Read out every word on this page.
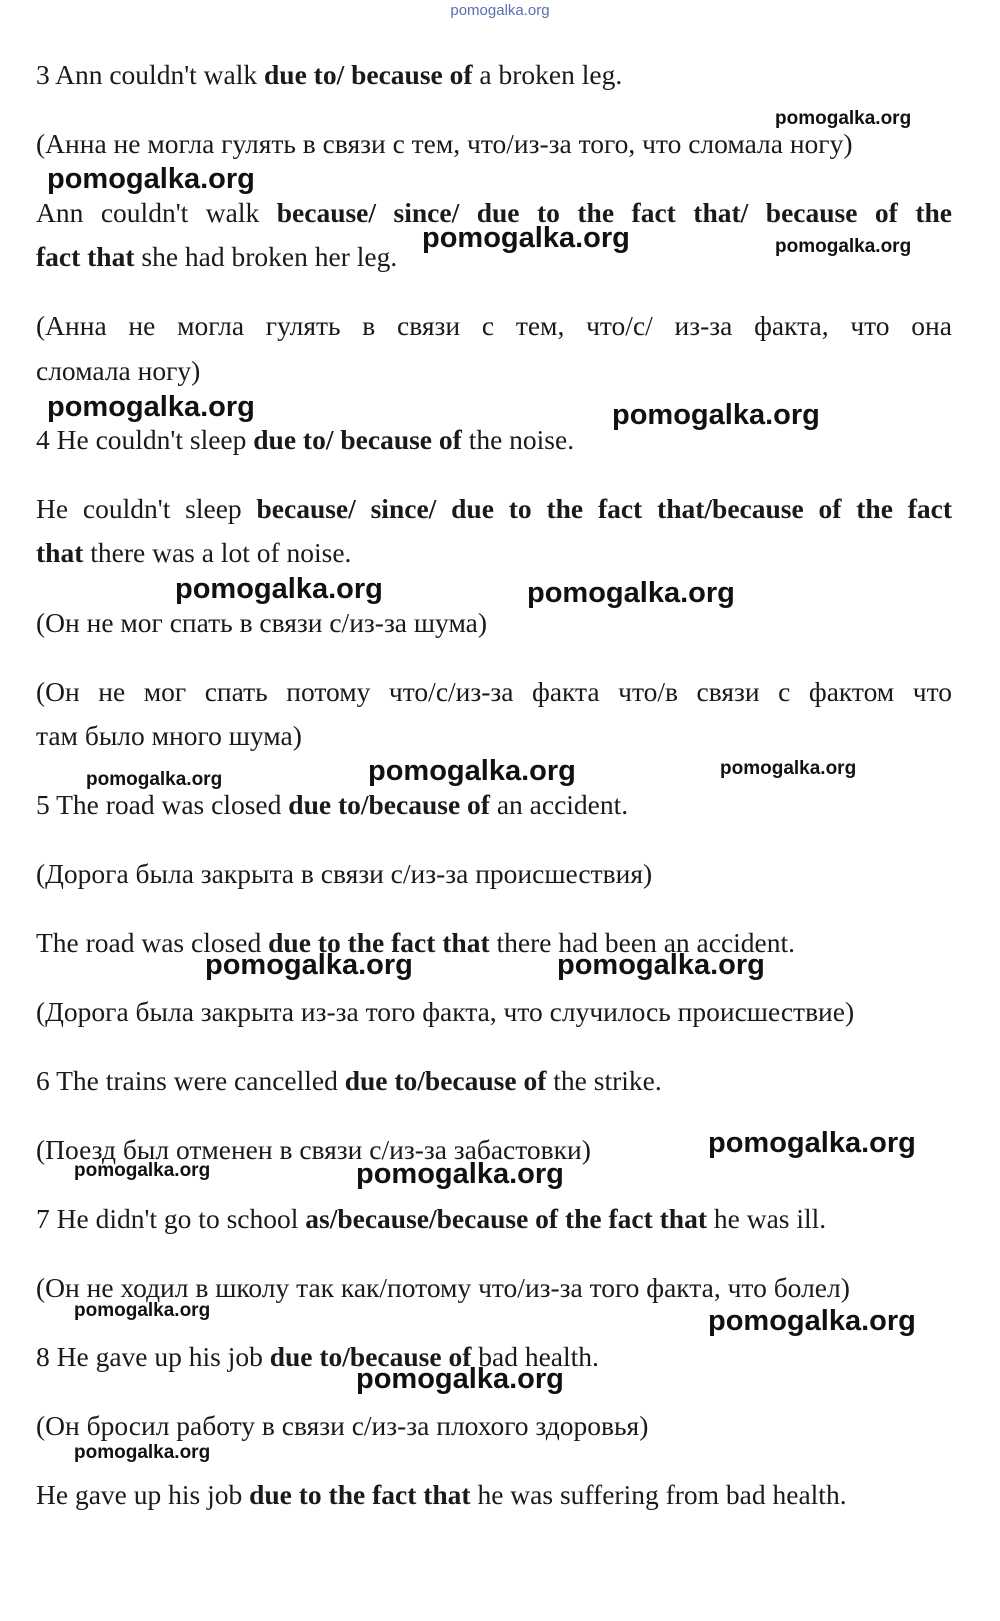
pomogalka.org
3 Ann couldn't walk due to/ because of a broken leg.
(Анна не могла гулять в связи с тем, что/из-за того, что сломала ногу)
Ann couldn't walk because/ since/ due to the fact that/ because of the
fact that she had broken her leg.
(Анна не могла гулять в связи с тем, что/с/ из-за факта, что она
сломала ногу)
4 He couldn't sleep due to/ because of the noise.
He couldn't sleep because/ since/ due to the fact that/because of the fact
that there was a lot of noise.
(Он не мог спать в связи с/из-за шума)
(Он не мог спать потому что/с/из-за факта что/в связи с фактом что
там было много шума)
5 The road was closed due to/because of an accident.
(Дорога была закрыта в связи с/из-за происшествия)
The road was closed due to the fact that there had been an accident.
(Дорога была закрыта из-за того факта, что случилось происшествие)
6 The trains were cancelled due to/because of the strike.
(Поезд был отменен в связи с/из-за забастовки)
7 He didn't go to school as/because/because of the fact that he was ill.
(Он не ходил в школу так как/потому что/из-за того факта, что болел)
8 He gave up his job due to/because of bad health.
(Он бросил работу в связи с/из-за плохого здоровья)
He gave up his job due to the fact that he was suffering from bad health.
pomogalka.org
pomogalka.org
pomogalka.org	pomogalka.org
pomogalka.org	pomogalka.org
pomogalka.org	pomogalka.org
pomogalka.org	pomogalka.org	pomogalka.org
pomogalka.org	pomogalka.org
pomogalka.org
pomogalka.org	pomogalka.org
pomogalka.org	pomogalka.org
pomogalka.org
pomogalka.org
